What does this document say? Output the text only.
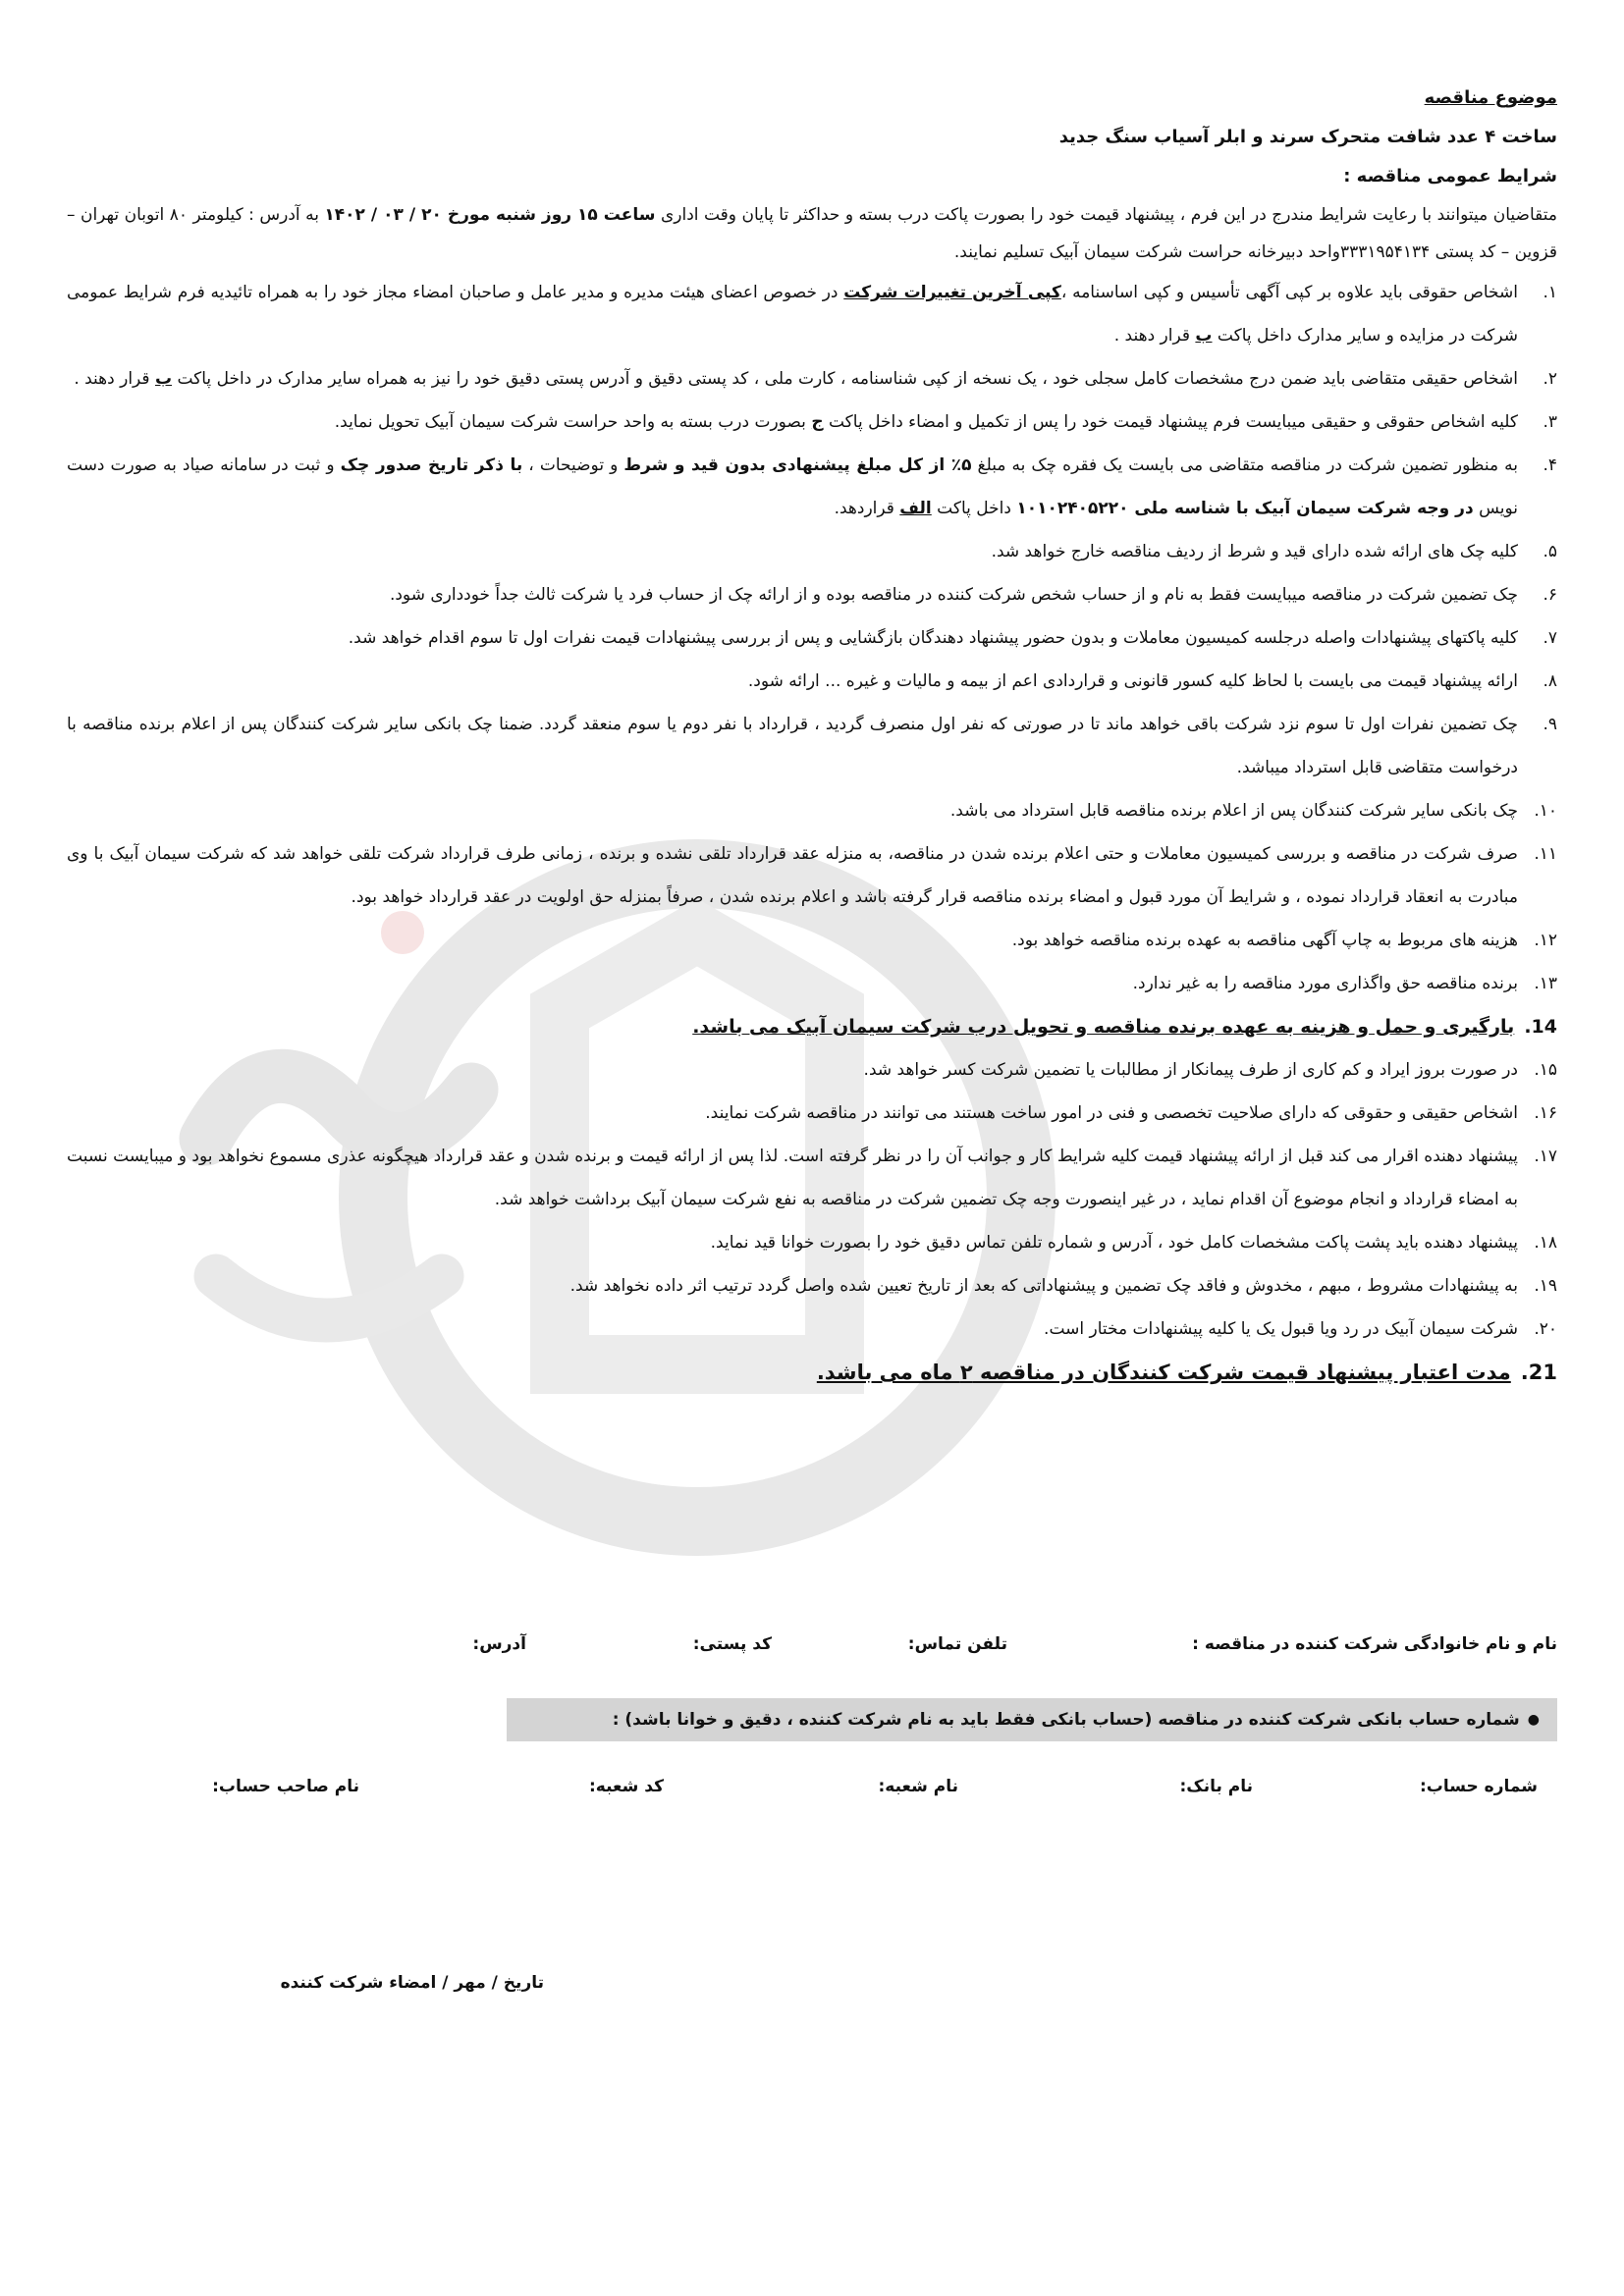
موضوع مناقصه
ساخت ۴ عدد شافت متحرک سرند و ابلر آسیاب سنگ جدید
شرایط عمومی مناقصه :

متقاضیان میتوانند با رعایت شرایط مندرج در این فرم ، پیشنهاد قیمت خود را بصورت پاکت درب بسته و حداکثر تا پایان وقت اداری ساعت ۱۵ روز شنبه مورخ ۲۰ / ۰۳ / ۱۴۰۲ به آدرس : کیلومتر ۸۰ اتوبان تهران – قزوین – کد پستی ۳۳۳۱۹۵۴۱۳۴واحد دبیرخانه حراست شرکت سیمان آبیک تسلیم نمایند.

۱.
اشخاص حقوقی باید علاوه بر کپی آگهی تأسیس و کپی اساسنامه ،کپی آخرین تغییرات شرکت در خصوص اعضای هیئت مدیره و مدیر عامل و صاحبان امضاء مجاز خود را به همراه تائیدیه فرم شرایط عمومی شرکت در مزایده و سایر مدارک داخل پاکت ب قرار دهند .
۲.
اشخاص حقیقی متقاضی باید ضمن درج مشخصات کامل سجلی خود ، یک نسخه از کپی شناسنامه ، کارت ملی ، کد پستی دقیق و آدرس پستی دقیق خود را نیز به همراه سایر مدارک در داخل پاکت ب قرار دهند .
۳.
کلیه اشخاص حقوقی و حقیقی میبایست فرم پیشنهاد قیمت خود را پس از تکمیل و امضاء داخل پاکت ج بصورت درب بسته به واحد حراست شرکت سیمان آبیک تحویل نماید.
۴.
به منظور تضمین شرکت در مناقصه متقاضی می بایست یک فقره چک به مبلغ ۵٪ از کل مبلغ پیشنهادی بدون قید و شرط و توضیحات ، با ذکر تاریخ صدور چک و ثبت در سامانه صیاد به صورت دست نویس در وجه شرکت سیمان آبیک با شناسه ملی ۱۰۱۰۲۴۰۵۲۲۰ داخل پاکت الف قراردهد.
۵.
کلیه چک های ارائه شده دارای قید و شرط از ردیف مناقصه خارج خواهد شد.
۶.
چک تضمین شرکت در مناقصه میبایست فقط به نام و از حساب شخص شرکت کننده در مناقصه بوده و از ارائه چک از حساب فرد یا شرکت ثالث جداً خودداری شود.
۷.
کلیه پاکتهای پیشنهادات واصله درجلسه کمیسیون معاملات و بدون حضور پیشنهاد دهندگان بازگشایی و پس از بررسی پیشنهادات قیمت نفرات اول تا سوم اقدام خواهد شد.
۸.
ارائه پیشنهاد قیمت می بایست با لحاظ کلیه کسور قانونی و قراردادی اعم از بیمه و مالیات و غیره ... ارائه شود.
۹.
چک تضمین نفرات اول تا سوم نزد شرکت باقی خواهد ماند تا در صورتی که نفر اول منصرف گردید ، قرارداد با نفر دوم یا سوم منعقد گردد. ضمنا چک بانکی سایر شرکت کنندگان پس از اعلام برنده مناقصه با درخواست متقاضی قابل استرداد میباشد.
۱۰.
چک بانکی سایر شرکت کنندگان پس از اعلام برنده مناقصه قابل استرداد می باشد.
۱۱.
صرف شرکت در مناقصه و بررسی کمیسیون معاملات و حتی اعلام برنده شدن در مناقصه، به منزله عقد قرارداد تلقی نشده و برنده ، زمانی طرف قرارداد شرکت تلقی خواهد شد که شرکت سیمان آبیک با وی مبادرت به انعقاد قرارداد نموده ، و شرایط آن مورد قبول و امضاء برنده مناقصه قرار گرفته باشد و اعلام برنده شدن ، صرفاً بمنزله حق اولویت در عقد قرارداد خواهد بود.
۱۲.
هزینه های مربوط به چاپ آگهی مناقصه به عهده برنده مناقصه خواهد بود.
۱۳.
برنده مناقصه حق واگذاری مورد مناقصه را به غیر ندارد.
14.
بارگیری و حمل و هزینه به عهده برنده مناقصه و تحویل درب شرکت سیمان آبیک می باشد.
۱۵.
در صورت بروز ایراد و کم کاری از طرف پیمانکار از مطالبات یا تضمین شرکت کسر خواهد شد.
۱۶.
اشخاص حقیقی و حقوقی که دارای صلاحیت تخصصی و فنی در امور ساخت هستند می توانند در مناقصه شرکت نمایند.
۱۷.
پیشنهاد دهنده اقرار می کند قبل از ارائه پیشنهاد قیمت کلیه شرایط کار و جوانب آن را در نظر گرفته است. لذا پس از ارائه قیمت و برنده شدن و عقد قرارداد هیچگونه عذری مسموع نخواهد بود و میبایست نسبت به امضاء قرارداد و انجام موضوع آن اقدام نماید ، در غیر اینصورت وجه چک تضمین شرکت در مناقصه به نفع شرکت سیمان آبیک برداشت خواهد شد.
۱۸.
پیشنهاد دهنده باید پشت پاکت مشخصات کامل خود ، آدرس و شماره تلفن تماس دقیق خود را بصورت خوانا قید نماید.
۱۹.
به پیشنهادات مشروط ، مبهم ، مخدوش و فاقد چک تضمین و پیشنهاداتی که بعد از تاریخ تعیین شده واصل گردد ترتیب اثر داده نخواهد شد.
۲۰.
شرکت سیمان آبیک در رد ویا قبول یک یا کلیه پیشنهادات مختار است.
21.
مدت اعتبار پیشنهاد قیمت شرکت کنندگان در مناقصه ۲ ماه می باشد.
نام و نام خانوادگی شرکت کننده در مناقصه :
تلفن تماس:
کد پستی:
آدرس:
●
شماره حساب بانکی شرکت کننده در مناقصه (حساب بانکی فقط باید به نام شرکت کننده ، دقیق و خوانا باشد) :
شماره حساب:
نام بانک:
نام شعبه:
کد شعبه:
نام صاحب حساب:
تاریخ / مهر / امضاء شرکت کننده
